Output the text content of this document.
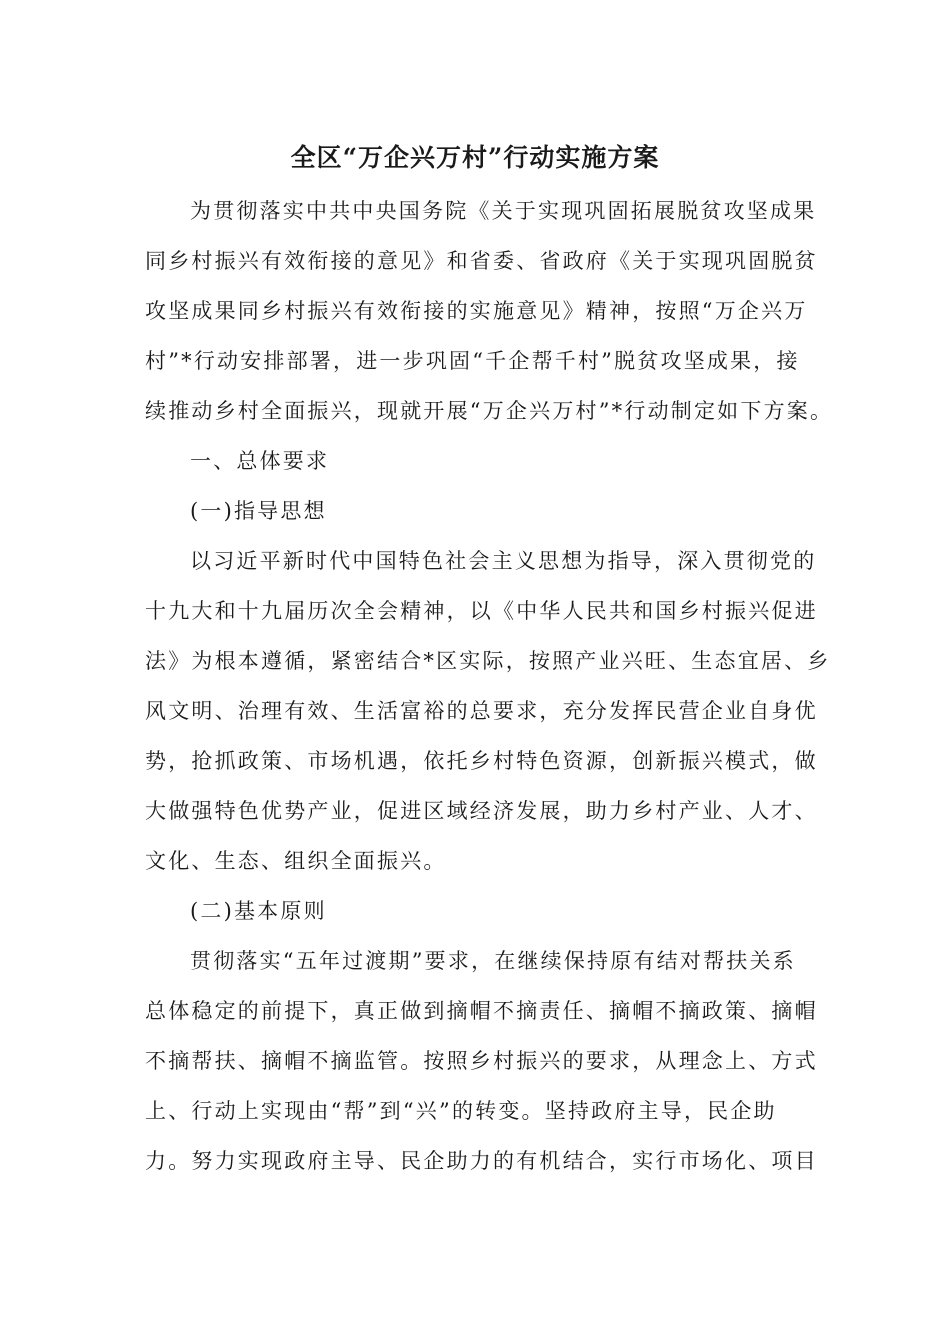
全区“万企兴万村”行动实施方案
为贯彻落实中共中央国务院《关于实现巩固拓展脱贫攻坚成果
同乡村振兴有效衔接的意见》和省委、省政府《关于实现巩固脱贫
攻坚成果同乡村振兴有效衔接的实施意见》精神，按照“万企兴万
村”*行动安排部署，进一步巩固“千企帮千村”脱贫攻坚成果，接
续推动乡村全面振兴，现就开展“万企兴万村”*行动制定如下方案。
一、总体要求
(一)指导思想
以习近平新时代中国特色社会主义思想为指导，深入贯彻党的
十九大和十九届历次全会精神，以《中华人民共和国乡村振兴促进
法》为根本遵循，紧密结合*区实际，按照产业兴旺、生态宜居、乡
风文明、治理有效、生活富裕的总要求，充分发挥民营企业自身优
势，抢抓政策、市场机遇，依托乡村特色资源，创新振兴模式，做
大做强特色优势产业，促进区域经济发展，助力乡村产业、人才、
文化、生态、组织全面振兴。
(二)基本原则
贯彻落实“五年过渡期”要求，在继续保持原有结对帮扶关系
总体稳定的前提下，真正做到摘帽不摘责任、摘帽不摘政策、摘帽
不摘帮扶、摘帽不摘监管。按照乡村振兴的要求，从理念上、方式
上、行动上实现由“帮”到“兴”的转变。坚持政府主导，民企助
力。努力实现政府主导、民企助力的有机结合，实行市场化、项目
